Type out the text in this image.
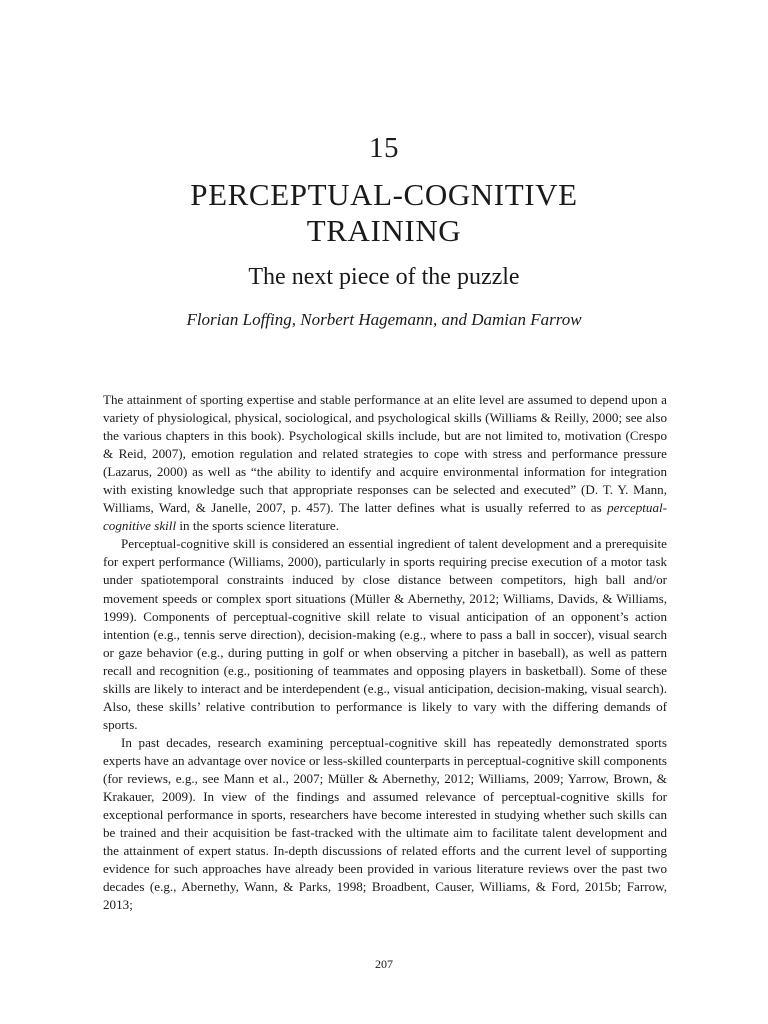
15
PERCEPTUAL-COGNITIVE
TRAINING
The next piece of the puzzle
Florian Loffing, Norbert Hagemann, and Damian Farrow

The attainment of sporting expertise and stable performance at an elite level are assumed to depend upon a variety of physiological, physical, sociological, and psychological skills (Williams & Reilly, 2000; see also the various chapters in this book). Psychological skills include, but are not limited to, motivation (Crespo & Reid, 2007), emotion regulation and related strategies to cope with stress and performance pressure (Lazarus, 2000) as well as “the ability to identify and acquire environmental information for integration with existing knowledge such that appropriate responses can be selected and executed” (D. T. Y. Mann, Williams, Ward, & Janelle, 2007, p. 457). The latter defines what is usually referred to as perceptual-cognitive skill in the sports science literature.

Perceptual-cognitive skill is considered an essential ingredient of talent development and a prerequisite for expert performance (Williams, 2000), particularly in sports requiring precise execution of a motor task under spatiotemporal constraints induced by close distance between competitors, high ball and/or movement speeds or complex sport situations (Müller & Abernethy, 2012; Williams, Davids, & Williams, 1999). Components of perceptual-cognitive skill relate to visual anticipation of an opponent’s action intention (e.g., tennis serve direction), decision-making (e.g., where to pass a ball in soccer), visual search or gaze behavior (e.g., during putting in golf or when observing a pitcher in baseball), as well as pattern recall and recognition (e.g., positioning of teammates and opposing players in basketball). Some of these skills are likely to interact and be interdependent (e.g., visual anticipation, decision-making, visual search). Also, these skills’ relative contribution to performance is likely to vary with the differing demands of sports.

In past decades, research examining perceptual-cognitive skill has repeatedly demonstrated sports experts have an advantage over novice or less-skilled counterparts in perceptual-cognitive skill components (for reviews, e.g., see Mann et al., 2007; Müller & Abernethy, 2012; Williams, 2009; Yarrow, Brown, & Krakauer, 2009). In view of the findings and assumed relevance of perceptual-cognitive skills for exceptional performance in sports, researchers have become interested in studying whether such skills can be trained and their acquisition be fast-tracked with the ultimate aim to facilitate talent development and the attainment of expert status. In-depth discussions of related efforts and the current level of supporting evidence for such approaches have already been provided in various literature reviews over the past two decades (e.g., Abernethy, Wann, & Parks, 1998; Broadbent, Causer, Williams, & Ford, 2015b; Farrow, 2013;

207
